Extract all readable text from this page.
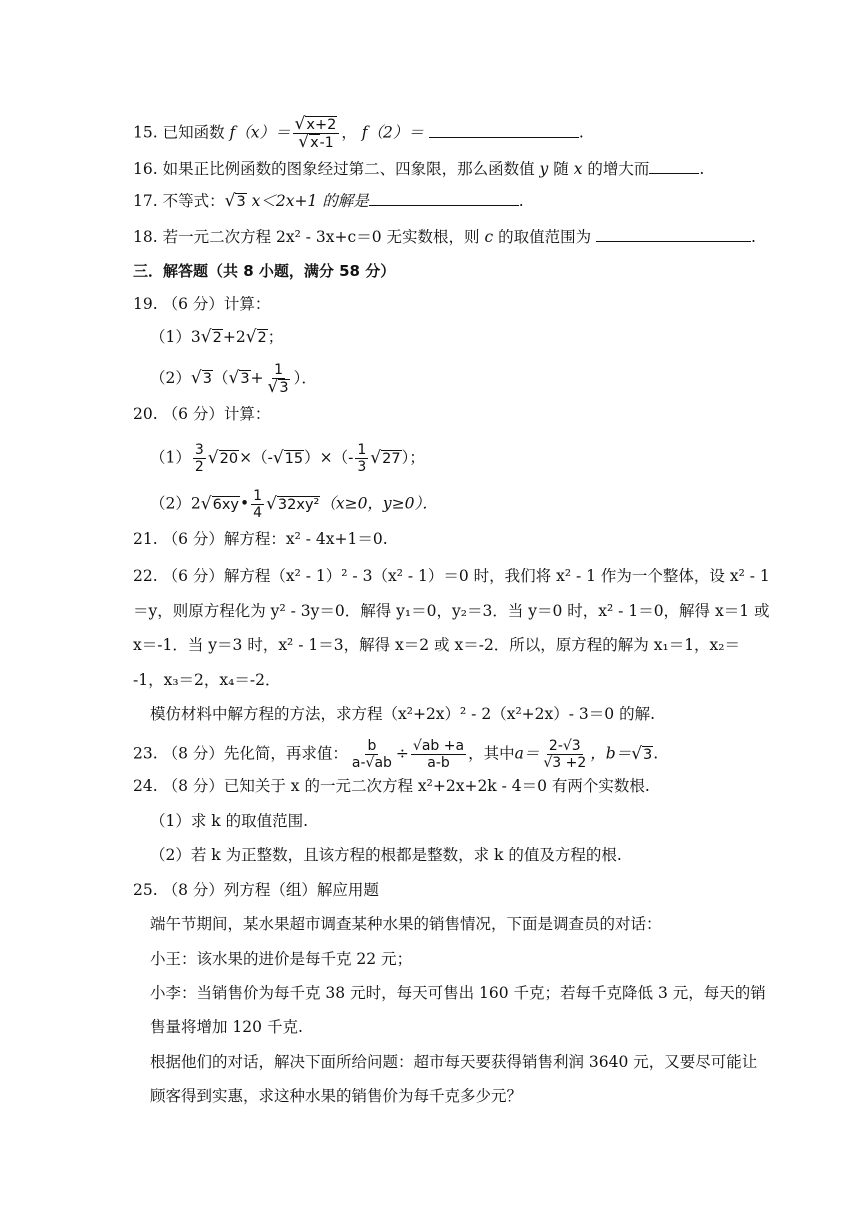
15. 已知函数 $f(x)= \frac{√x+2}{√x-1}$ ， f（2）＝	.
16. 如果正比例函数的图象经过第二、四象限，那么函数值 y 随 x 的增大而	.
17. 不等式：√3 x＜2x+1 的解是	.
18. 若一元二次方程 2x² ‑ 3x+c＝0 无实数根，则 c 的取值范围为	.
三．解答题（共 8 小题，满分 58 分）
19. （6 分）计算：
（1）3√2+2√2；
$(2)√3(√3+ \frac{1}{√3}$ ）．
20. （6 分）计算：
$(1) \frac{3}{2}$ √20×（‑√15）×（‑ $\frac{1}{3} √27$）；
（2）2√6xy• $\frac{1}{4} √32xy^2(x\ge 0$，y≥0）．
21. （6 分）解方程：x² ‑ 4x+1＝0.
22. （6 分）解方程（x² ‑ 1）² ‑ 3（x² ‑ 1）＝0 时，我们将 x² ‑ 1 作为一个整体，设 x² ‑ 1
＝y，则原方程化为 y² ‑ 3y＝0．解得 y₁＝0，y₂＝3．当 y＝0 时，x² ‑ 1＝0，解得 x＝1 或
x＝‑1．当 y＝3 时，x² ‑ 1＝3，解得 x＝2 或 x＝‑2．所以，原方程的解为 x₁＝1，x₂＝
‑1，x₃＝2，x₄＝‑2．
模仿材料中解方程的方法，求方程（x²+2x）² ‑ 2（x²+2x）‑ 3＝0 的解.
23. （8 分）先化简，再求值： $\frac{b}{a-√ab} \div \frac{√ab +a}{a-b}$ ，其中$a= \frac{2-√3}{√3 +2}$ ，b＝√3.
24. （8 分）已知关于 x 的一元二次方程 x²+2x+2k ‑ 4＝0 有两个实数根.
（1）求 k 的取值范围.
（2）若 k 为正整数，且该方程的根都是整数，求 k 的值及方程的根.
25. （8 分）列方程（组）解应用题
端午节期间，某水果超市调查某种水果的销售情况，下面是调查员的对话：
小王：该水果的进价是每千克 22 元；
小李：当销售价为每千克 38 元时，每天可售出 160 千克；若每千克降低 3 元，每天的销
售量将增加 120 千克.
根据他们的对话，解决下面所给问题：超市每天要获得销售利润 3640 元，又要尽可能让
顾客得到实惠，求这种水果的销售价为每千克多少元？
